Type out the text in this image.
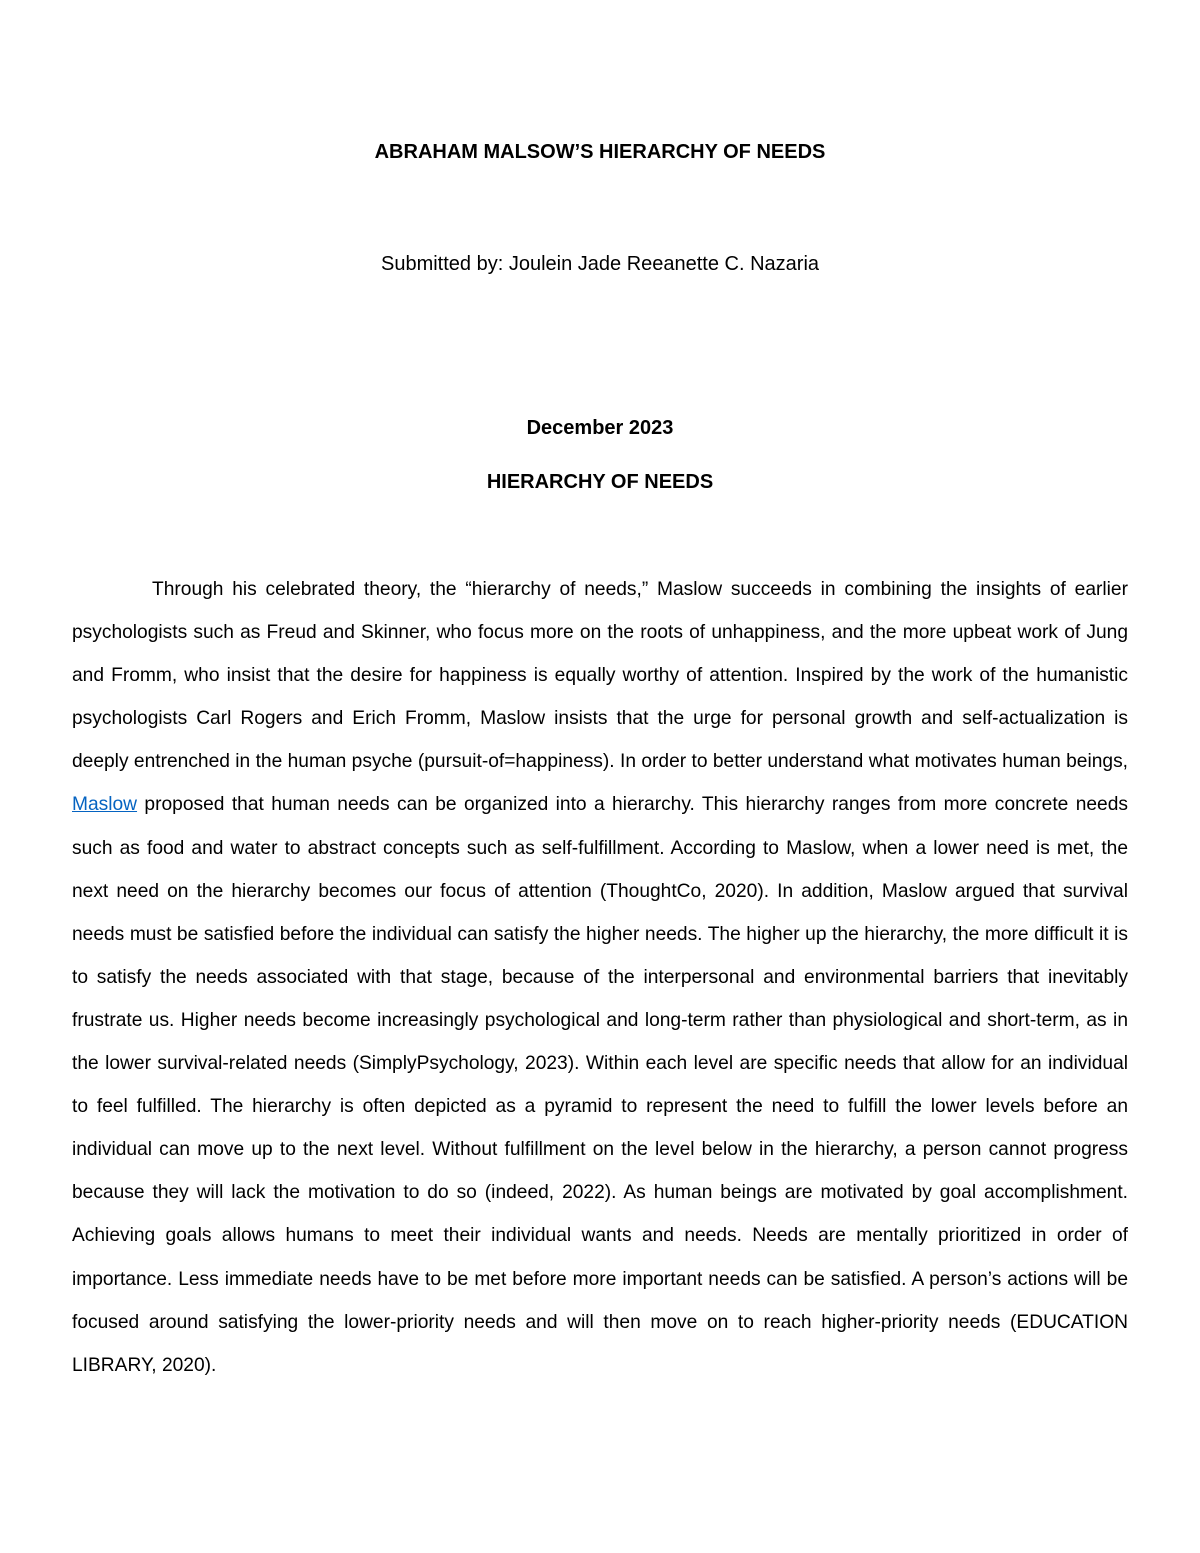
ABRAHAM MALSOW’S HIERARCHY OF NEEDS
Submitted by: Joulein Jade Reeanette C. Nazaria
December 2023
HIERARCHY OF NEEDS

Through his celebrated theory, the “hierarchy of needs,” Maslow succeeds in combining the insights of earlier psychologists such as Freud and Skinner, who focus more on the roots of unhappiness, and the more upbeat work of Jung and Fromm, who insist that the desire for happiness is equally worthy of attention. Inspired by the work of the humanistic psychologists Carl Rogers and Erich Fromm, Maslow insists that the urge for personal growth and self-actualization is deeply entrenched in the human psyche (pursuit-of=happiness). In order to better understand what motivates human beings, Maslow proposed that human needs can be organized into a hierarchy. This hierarchy ranges from more concrete needs such as food and water to abstract concepts such as self-fulfillment. According to Maslow, when a lower need is met, the next need on the hierarchy becomes our focus of attention (ThoughtCo, 2020). In addition, Maslow argued that survival needs must be satisfied before the individual can satisfy the higher needs. The higher up the hierarchy, the more difficult it is to satisfy the needs associated with that stage, because of the interpersonal and environmental barriers that inevitably frustrate us. Higher needs become increasingly psychological and long-term rather than physiological and short-term, as in the lower survival-related needs (SimplyPsychology, 2023). Within each level are specific needs that allow for an individual to feel fulfilled. The hierarchy is often depicted as a pyramid to represent the need to fulfill the lower levels before an individual can move up to the next level. Without fulfillment on the level below in the hierarchy, a person cannot progress because they will lack the motivation to do so (indeed, 2022). As human beings are motivated by goal accomplishment. Achieving goals allows humans to meet their individual wants and needs. Needs are mentally prioritized in order of importance. Less immediate needs have to be met before more important needs can be satisfied. A person’s actions will be focused around satisfying the lower-priority needs and will then move on to reach higher-priority needs (EDUCATION LIBRARY, 2020).
